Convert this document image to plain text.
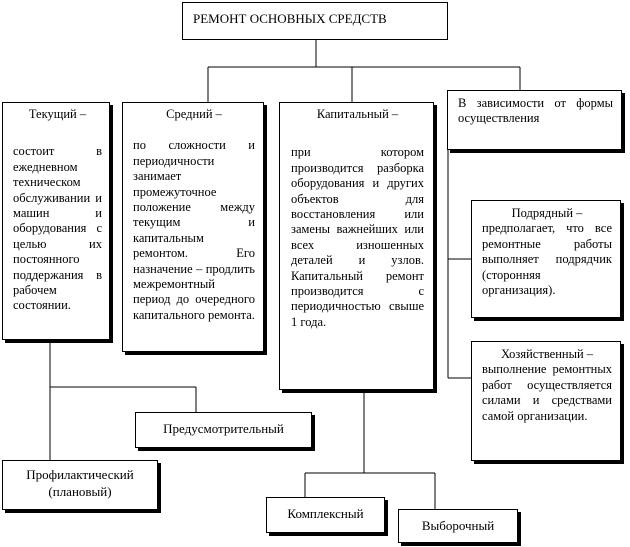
РЕМОНТ ОСНОВНЫХ СРЕДСТВ
Текущий –
состоит в ежедневном техническом обслуживании и машин и оборудования с целью их постоянного поддержания в рабочем состоянии.
Средний –
по сложности и периодичности занимает промежуточное положение между текущим и капитальным ремонтом. Его назначение – продлить межремонтный период до очередного капитального ремонта.
Капитальный –
при котором производится разборка оборудования и других объектов для восстановления или замены важнейших или всех изношенных деталей и узлов. Капитальный ремонт производится с периодичностью свыше 1 года.
В зависимости от формы осуществления
Подрядный –
предполагает, что все ремонтные работы выполняет подрядчик (сторонняя организация).
Хозяйственный –
выполнение ремонтных работ осуществляется силами и средствами самой организации.
Предусмотрительный
Профилактический (плановый)
Комплексный
Выборочный
